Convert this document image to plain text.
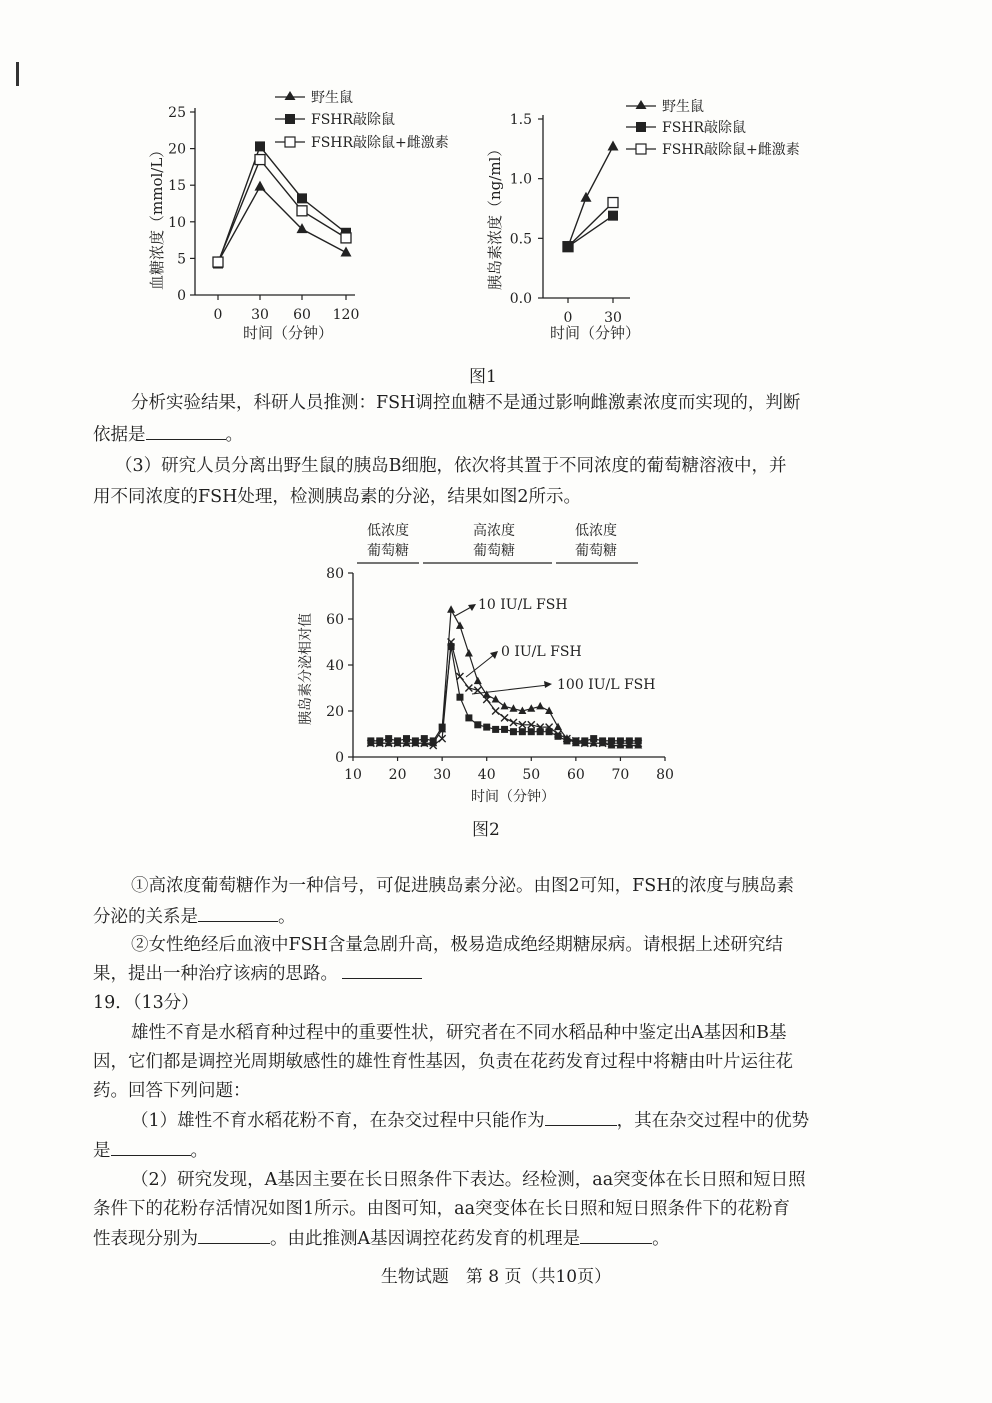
0
5
10
15
20
25
0 30 60 120
血糖浓度（mmol/L）
时间（分钟）
野生鼠
FSHR敲除鼠
FSHR敲除鼠+雌激素
0.0
0.5
1.0
1.5
0 30
胰岛素浓度（ng/ml）
时间（分钟）
野生鼠
FSHR敲除鼠
FSHR敲除鼠+雌激素
图1
分析实验结果，科研人员推测：FSH调控血糖不是通过影响雌激素浓度而实现的，判断
依据是	。
（3）研究人员分离出野生鼠的胰岛B细胞，依次将其置于不同浓度的葡萄糖溶液中，并
用不同浓度的FSH处理，检测胰岛素的分泌，结果如图2所示。
低浓度
葡萄糖
高浓度
葡萄糖
低浓度
葡萄糖
0
20
40
60
80
10 20 30 40 50 60 70 80
胰岛素分泌相对值
时间（分钟）
10 IU/L FSH
0 IU/L FSH
100 IU/L FSH
图2
①高浓度葡萄糖作为一种信号，可促进胰岛素分泌。由图2可知，FSH的浓度与胰岛素
分泌的关系是	。
②女性绝经后血液中FSH含量急剧升高，极易造成绝经期糖尿病。请根据上述研究结
果，提出一种治疗该病的思路。
19．（13分）
雄性不育是水稻育种过程中的重要性状，研究者在不同水稻品种中鉴定出A基因和B基
因，它们都是调控光周期敏感性的雄性育性基因，负责在花药发育过程中将糖由叶片运往花
药。回答下列问题：
（1）雄性不育水稻花粉不育，在杂交过程中只能作为	，其在杂交过程中的优势
是	。
（2）研究发现，A基因主要在长日照条件下表达。经检测，aa突变体在长日照和短日照
条件下的花粉存活情况如图1所示。由图可知，aa突变体在长日照和短日照条件下的花粉育
性表现分别为	。由此推测A基因调控花药发育的机理是	。
生物试题　第 8 页（共10页）
